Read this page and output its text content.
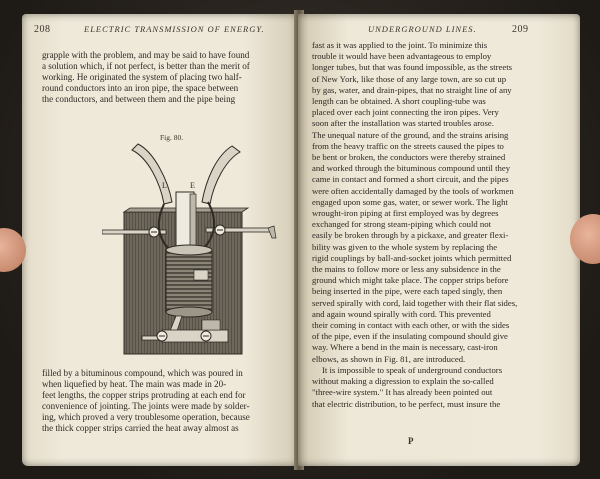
208	ELECTRIC TRANSMISSION OF ENERGY.
grapple with the problem, and may be said to have found
a solution which, if not perfect, is better than the merit of
working. He originated the system of placing two half-
round conductors into an iron pipe, the space between
the conductors, and between them and the pipe being
Fig. 80.
L	E
filled by a bituminous compound, which was poured in
when liquefied by heat. The main was made in 20-
feet lengths, the copper strips protruding at each end for
convenience of jointing. The joints were made by solder-
ing, which proved a very troublesome operation, because
the thick copper strips carried the heat away almost as
UNDERGROUND LINES.	209
fast as it was applied to the joint. To minimize this
trouble it would have been advantageous to employ
longer tubes, but that was found impossible, as the streets
of New York, like those of any large town, are so cut up
by gas, water, and drain-pipes, that no straight line of any
length can be obtained. A short coupling-tube was
placed over each joint connecting the iron pipes. Very
soon after the installation was started troubles arose.
The unequal nature of the ground, and the strains arising
from the heavy traffic on the streets caused the pipes to
be bent or broken, the conductors were thereby strained
and worked through the bituminous compound until they
came in contact and formed a short circuit, and the pipes
were often accidentally damaged by the tools of workmen
engaged upon some gas, water, or sewer work. The light
wrought-iron piping at first employed was by degrees
exchanged for strong steam-piping which could not
easily be broken through by a pickaxe, and greater flexi-
bility was given to the whole system by replacing the
rigid couplings by ball-and-socket joints which permitted
the mains to follow more or less any subsidence in the
ground which might take place. The copper strips before
being inserted in the pipe, were each taped singly, then
served spirally with cord, laid together with their flat sides,
and again wound spirally with cord. This prevented
their coming in contact with each other, or with the sides
of the pipe, even if the insulating compound should give
way. Where a bend in the main is necessary, cast-iron
elbows, as shown in Fig. 81, are introduced.
It is impossible to speak of underground conductors
without making a digression to explain the so-called
"three-wire system." It has already been pointed out
that electric distribution, to be perfect, must insure the
P
